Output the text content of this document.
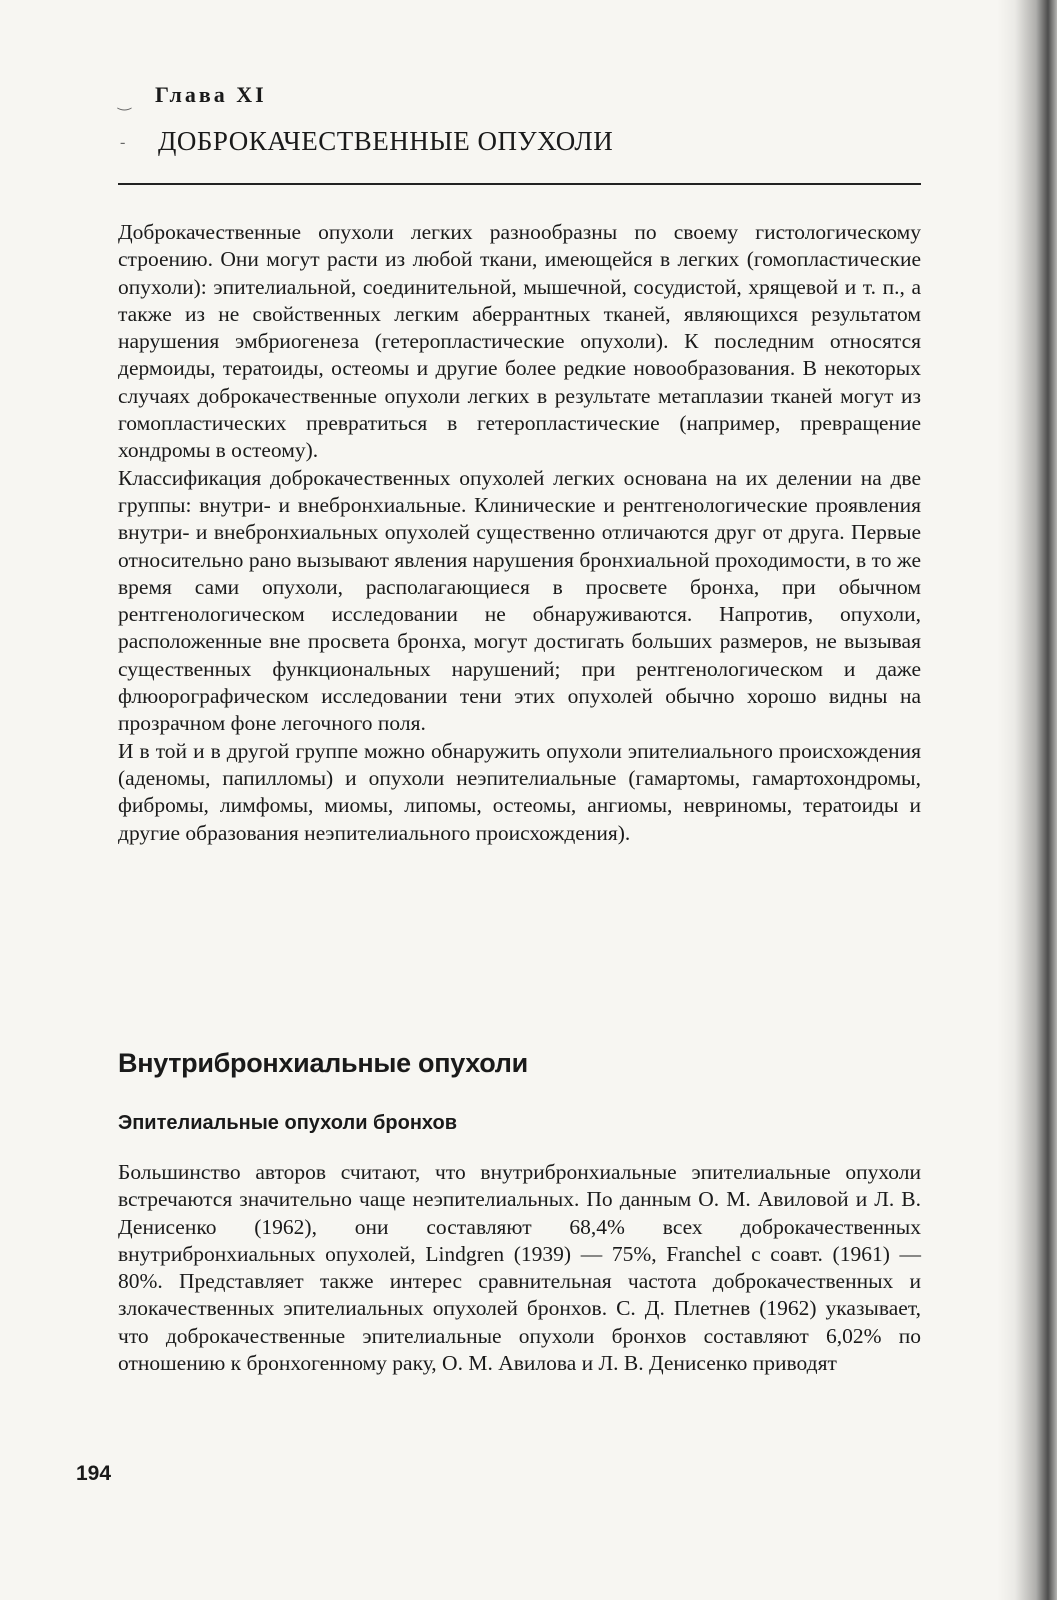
‿
-
Глава XI
ДОБРОКАЧЕСТВЕННЫЕ ОПУХОЛИ

Доброкачественные опухоли легких разнообразны по своему гистологическому строению. Они могут расти из любой ткани, имеющейся в легких (гомопластические опухоли): эпителиальной, соединительной, мышечной, сосудистой, хрящевой и т. п., а также из не свойственных легким аберрантных тканей, являющихся результатом нарушения эмбриогенеза (гетеропластические опухоли). К последним относятся дермоиды, тератоиды, остеомы и другие более редкие новообразования. В некоторых случаях доброкачественные опухоли легких в результате метаплазии тканей могут из гомопластических превратиться в гетеропластические (например, превращение хондромы в остеому).

Классификация доброкачественных опухолей легких основана на их делении на две группы: внутри- и внебронхиальные. Клинические и рентгенологические проявления внутри- и внебронхиальных опухолей существенно отличаются друг от друга. Первые относительно рано вызывают явления нарушения бронхиальной проходимости, в то же время сами опухоли, располагающиеся в просвете бронха, при обычном рентгенологическом исследовании не обнаруживаются. Напротив, опухоли, расположенные вне просвета бронха, могут достигать больших размеров, не вызывая существенных функциональных нарушений; при рентгенологическом и даже флюорографическом исследовании тени этих опухолей обычно хорошо видны на прозрачном фоне легочного поля.

И в той и в другой группе можно обнаружить опухоли эпителиального происхождения (аденомы, папилломы) и опухоли неэпителиальные (гамартомы, гамартохондромы, фибромы, лимфомы, миомы, липомы, остеомы, ангиомы, невриномы, тератоиды и другие образования неэпителиального происхождения).

Внутрибронхиальные опухоли
Эпителиальные опухоли бронхов

Большинство авторов считают, что внутрибронхиальные эпителиальные опухоли встречаются значительно чаще неэпителиальных. По данным О. М. Авиловой и Л. В. Денисенко (1962), они составляют 68,4% всех доброкачественных внутрибронхиальных опухолей, Lindgren (1939) — 75%, Franchel с соавт. (1961) — 80%. Представляет также интерес сравнительная частота доброкачественных и злокачественных эпителиальных опухолей бронхов. С. Д. Плетнев (1962) указывает, что доброкачественные эпителиальные опухоли бронхов составляют 6,02% по отношению к бронхогенному раку, О. М. Авилова и Л. В. Денисенко приводят

194
